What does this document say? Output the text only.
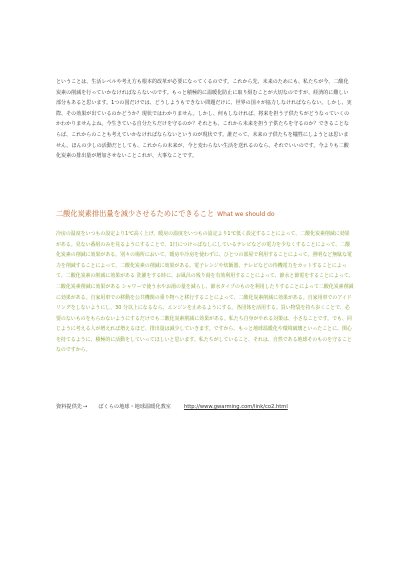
ということは、生活レベルや考え方も根本的改革が必要になってくるのです。これから先、未来のためにも、私たちが今、二酸化炭素の削減を行っていかなければならないのです。もっと積極的に温暖化防止に取り組むことが大切なのですが、経済的に難しい部分もあると思います。1つの国だけでは、どうしようもできない問題だけに、世界の国々が協力しなければならない。しかし、実際、その効果が出ているのかどうか？現状ではわかりません。しかし、何もしなければ、将来を担う子供たちがどうなっていくのかわかりませんよね。今生きている自分たちだけを守るのか？それとも、これから未来を担う子供たちを守るのか？できることならば、これからのことも考えていかなければならないというのが現状です。誰だって、未来の子供たちを犠牲にしようとは思いません。ほんの少しの活動だとしても、これからの未来が、今と変わらない生活を送れるのなら、それでいいのです。今よりも二酸化炭素の排出量が増加させないことこれが、大事なことです。

二酸化炭素排出量を減少させるためにできること What we should do

冷房の温度をいつもの設定より1℃高く上げ、暖房の温度をいつもの設定より1℃低く設定することによって、二酸化炭素削減に効果がある。見ない番組のみを見るようにすることで、1日につけっぱなしにしているテレビなどの電力を少なくすることによって、二酸化炭素の削減に効果がある。別々の場所において、暖房や冷房を使わずに、ひとつの部屋で利用することによって、照明など無駄な電力を削減することによって、二酸化炭素の削減に効果がある。電子レンジや炊飯器、テレビなどの待機電力をカットすることによって、二酸化炭素の削減に効果がある 洗濯をする時に、お風呂の残り湯を有効利用することによって、節水と節電をすることによって、二酸化炭素削減に効果がある シャワーで使う水やお湯の量を減らし、節水タイプのものを利用したりすることによって二酸化炭素削減に効果がある。自家用車での移動を公共機関の乗り物へと移行することによって、二酸化炭素削減に効果がある。自家用車でのアイドリングをしないようにし、30 分以上になるなら、エンジンを止めるようにする。各団体を活用する。買い物袋を持ち歩くことで、必要のないものをもらわないようにするだけでも二酸化炭素削減に効果がある。私たち自身がやれる対策は、小さなことです。でも、同じように考える人が増えれば増えるほど、排出量は減少していきます。ですから、もっと地球温暖化や環境破壊といったことに、関心を持てるように、積極的に活動をしていってほしいと思います。私たちがしていること、それは、自然である地球そのものを守ることなのですから。

資料提供先→ ぼくらの地球・地球温暖化教室	http://www.gwarming.com/link/co2.html
